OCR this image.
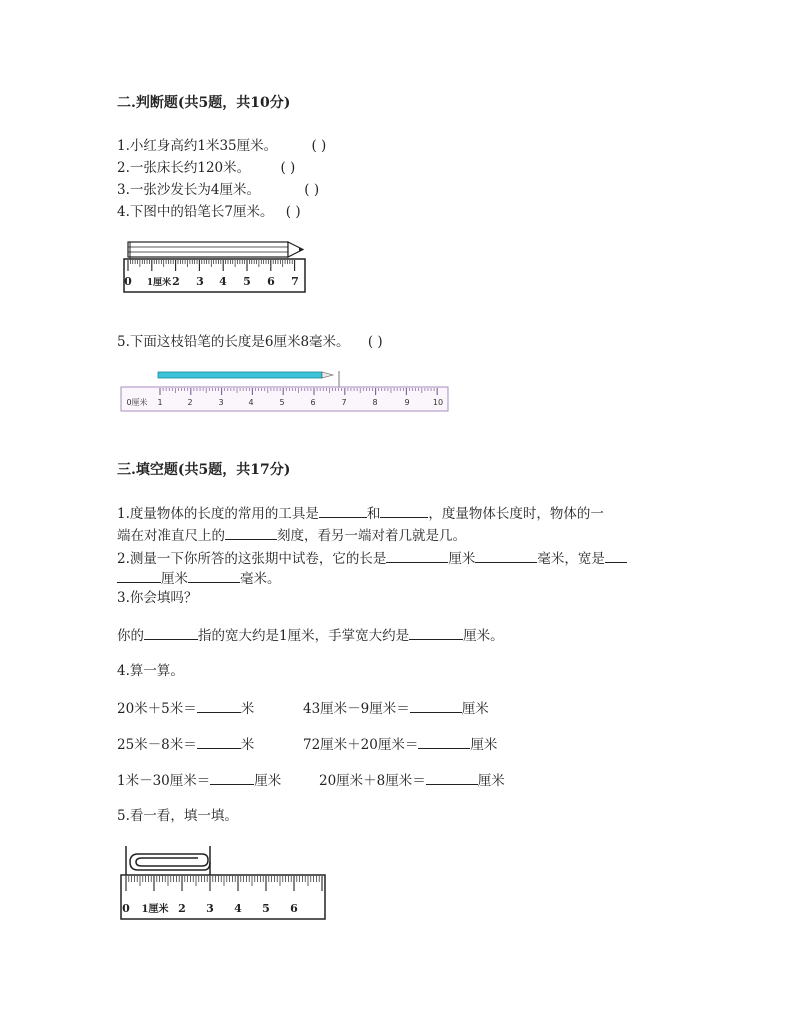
二.判断题(共5题，共10分)
1.小红身高约1米35厘米。	( )
2.一张床长约120米。 ( )
3.一张沙发长为4厘米。	( )
4.下图中的铅笔长7厘米。 ( )
0 1厘米 2 3 4 5 6 7
5.下面这枝铅笔的长度是6厘米8毫米。 ( )
0厘米 1	2	3	4	5	6	7	8	9	10
三.填空题(共5题，共17分)
1.度量物体的长度的常用的工具是	和	，度量物体长度时，物体的一
端在对准直尺上的	刻度，看另一端对着几就是几。
2.测量一下你所答的这张期中试卷，它的长是	厘米	毫米，宽是
厘米	毫米。
3.你会填吗？
你的	指的宽大约是1厘米，手掌宽大约是	厘米。
4.算一算。
20米＋5米＝	米	43厘米－9厘米＝	厘米
25米－8米＝	米	72厘米＋20厘米＝	厘米
1米－30厘米＝	厘米	20厘米＋8厘米＝	厘米
5.看一看，填一填。
0 1厘米 2 3 4 5 6
